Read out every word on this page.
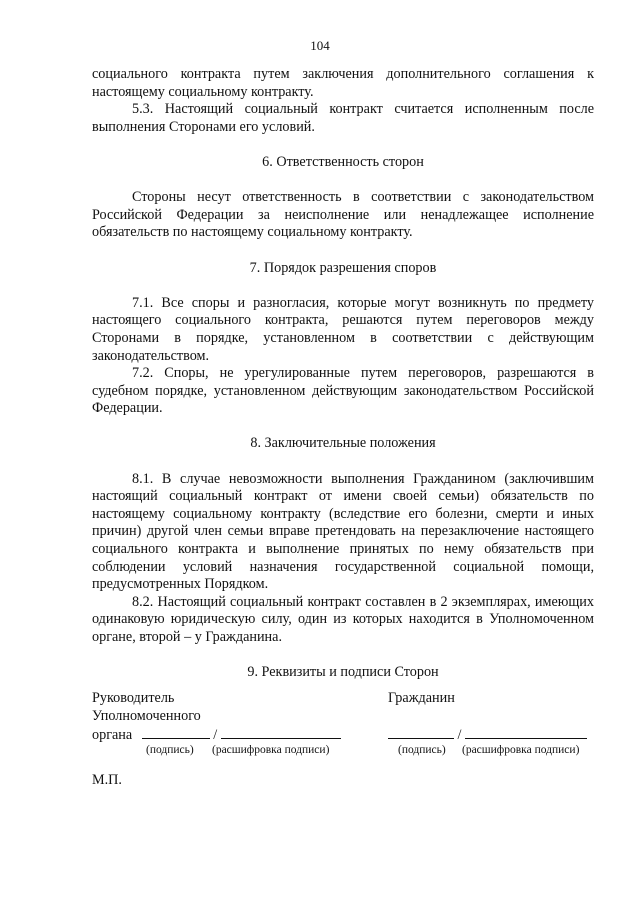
104

социального контракта путем заключения дополнительного соглашения к настоящему социальному контракту.

5.3. Настоящий социальный контракт считается исполненным после выполнения Сторонами его условий.

6. Ответственность сторон

Стороны несут ответственность в соответствии с законодательством Российской Федерации за неисполнение или ненадлежащее исполнение обязательств по настоящему социальному контракту.

7. Порядок разрешения споров

7.1. Все споры и разногласия, которые могут возникнуть по предмету настоящего социального контракта, решаются путем переговоров между Сторонами в порядке, установленном в соответствии с действующим законодательством.

7.2. Споры, не урегулированные путем переговоров, разрешаются в судебном порядке, установленном действующим законодательством Российской Федерации.

8. Заключительные положения

8.1. В случае невозможности выполнения Гражданином (заключившим настоящий социальный контракт от имени своей семьи) обязательств по настоящему социальному контракту (вследствие его болезни, смерти и иных причин) другой член семьи вправе претендовать на перезаключение настоящего социального контракта и выполнение принятых по нему обязательств при соблюдении условий назначения государственной социальной помощи, предусмотренных Порядком.

8.2. Настоящий социальный контракт составлен в 2 экземплярах, имеющих одинаковую юридическую силу, один из которых находится в Уполномоченном органе, второй – у Гражданина.

9. Реквизиты и подписи Сторон

Руководитель
Уполномоченного
органа	/
(подпись) (расшифровка подписи)
Гражданин

/
(подпись) (расшифровка подписи)
М.П.
